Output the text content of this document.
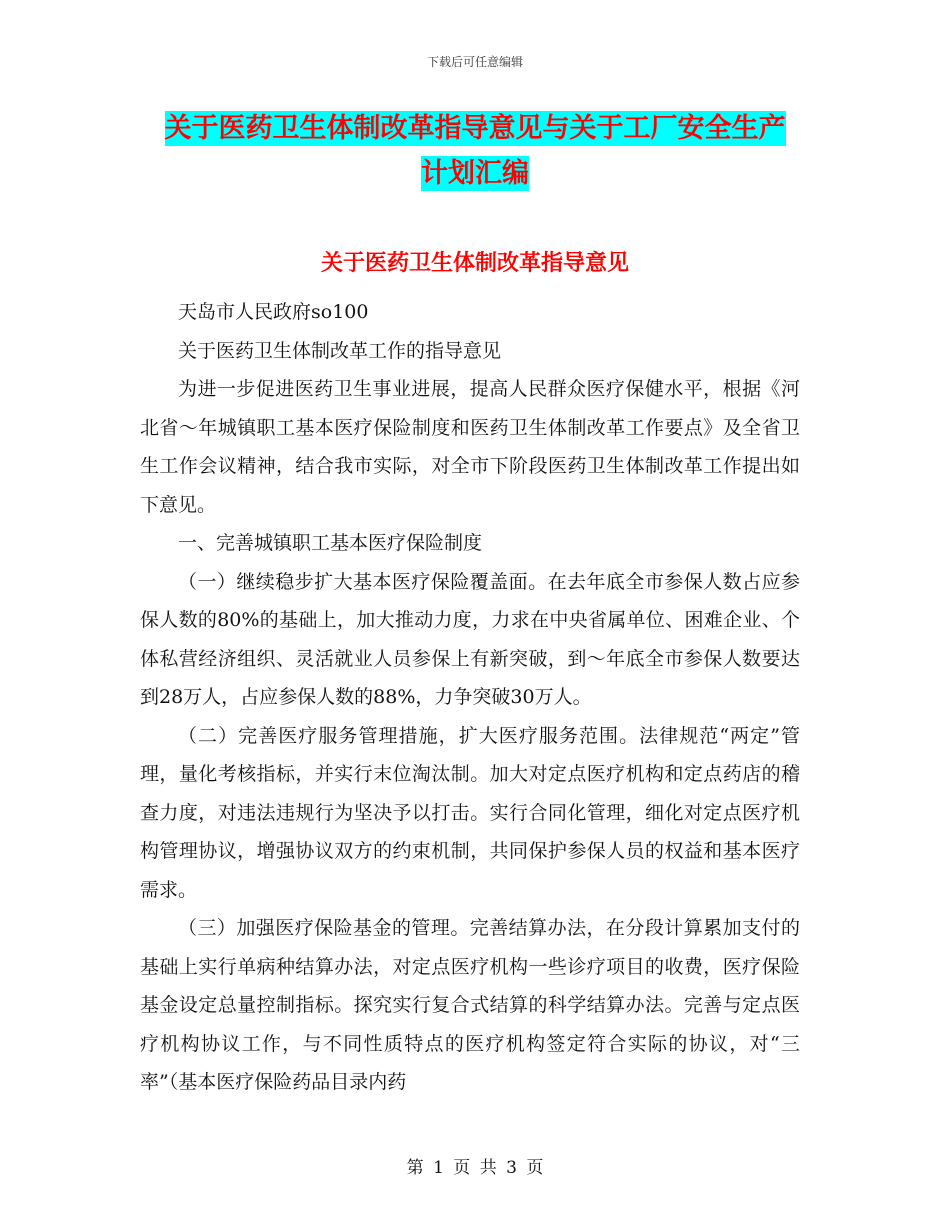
下载后可任意编辑
关于医药卫生体制改革指导意见与关于工厂安全生产
计划汇编
关于医药卫生体制改革指导意见

天岛市人民政府so100

关于医药卫生体制改革工作的指导意见

为进一步促进医药卫生事业进展，提高人民群众医疗保健水平，根据《河北省～年城镇职工基本医疗保险制度和医药卫生体制改革工作要点》及全省卫生工作会议精神，结合我市实际，对全市下阶段医药卫生体制改革工作提出如下意见。

一、完善城镇职工基本医疗保险制度

（一）继续稳步扩大基本医疗保险覆盖面。在去年底全市参保人数占应参保人数的80%的基础上，加大推动力度，力求在中央省属单位、困难企业、个体私营经济组织、灵活就业人员参保上有新突破，到～年底全市参保人数要达到28万人，占应参保人数的88%，力争突破30万人。

（二）完善医疗服务管理措施，扩大医疗服务范围。法律规范“两定”管理，量化考核指标，并实行末位淘汰制。加大对定点医疗机构和定点药店的稽查力度，对违法违规行为坚决予以打击。实行合同化管理，细化对定点医疗机构管理协议，增强协议双方的约束机制，共同保护参保人员的权益和基本医疗需求。

（三）加强医疗保险基金的管理。完善结算办法，在分段计算累加支付的基础上实行单病种结算办法，对定点医疗机构一些诊疗项目的收费，医疗保险基金设定总量控制指标。探究实行复合式结算的科学结算办法。完善与定点医疗机构协议工作，与不同性质特点的医疗机构签定符合实际的协议，对“三率”（基本医疗保险药品目录内药

第 1 页 共 3 页
